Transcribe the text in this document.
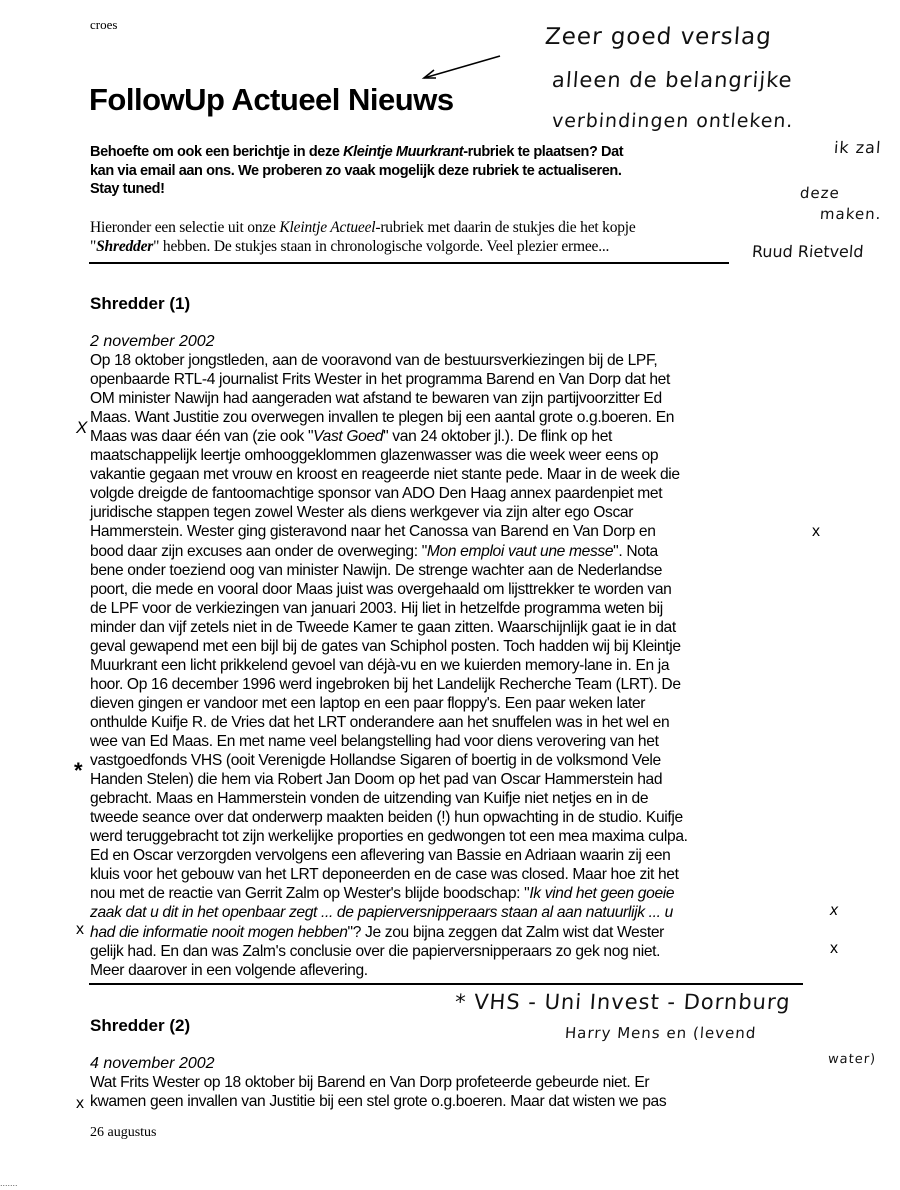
croes
FollowUp Actueel Nieuws
Zeer goed verslag
alleen de belangrijke
verbindingen ontleken.
ik zal
deze
maken.
Ruud Rietveld
Behoefte om ook een berichtje in deze Kleintje Muurkrant-rubriek te plaatsen? Dat
kan via email aan ons. We proberen zo vaak mogelijk deze rubriek te actualiseren.
Stay tuned!
Hieronder een selectie uit onze Kleintje Actueel-rubriek met daarin de stukjes die het kopje
"Shredder" hebben. De stukjes staan in chronologische volgorde. Veel plezier ermee...
Shredder (1)
2 november 2002
Op 18 oktober jongstleden, aan de vooravond van de bestuursverkiezingen bij de LPF,
openbaarde RTL-4 journalist Frits Wester in het programma Barend en Van Dorp dat het
OM minister Nawijn had aangeraden wat afstand te bewaren van zijn partijvoorzitter Ed
Maas. Want Justitie zou overwegen invallen te plegen bij een aantal grote o.g.boeren. En
Maas was daar één van (zie ook "Vast Goed" van 24 oktober jl.). De flink op het
maatschappelijk leertje omhooggeklommen glazenwasser was die week weer eens op
vakantie gegaan met vrouw en kroost en reageerde niet stante pede. Maar in de week die
volgde dreigde de fantoomachtige sponsor van ADO Den Haag annex paardenpiet met
juridische stappen tegen zowel Wester als diens werkgever via zijn alter ego Oscar
Hammerstein. Wester ging gisteravond naar het Canossa van Barend en Van Dorp en
bood daar zijn excuses aan onder de overweging: "Mon emploi vaut une messe". Nota
bene onder toeziend oog van minister Nawijn. De strenge wachter aan de Nederlandse
poort, die mede en vooral door Maas juist was overgehaald om lijsttrekker te worden van
de LPF voor de verkiezingen van januari 2003. Hij liet in hetzelfde programma weten bij
minder dan vijf zetels niet in de Tweede Kamer te gaan zitten. Waarschijnlijk gaat ie in dat
geval gewapend met een bijl bij de gates van Schiphol posten. Toch hadden wij bij Kleintje
Muurkrant een licht prikkelend gevoel van déjà-vu en we kuierden memory-lane in. En ja
hoor. Op 16 december 1996 werd ingebroken bij het Landelijk Recherche Team (LRT). De
dieven gingen er vandoor met een laptop en een paar floppy's. Een paar weken later
onthulde Kuifje R. de Vries dat het LRT onderandere aan het snuffelen was in het wel en
wee van Ed Maas. En met name veel belangstelling had voor diens verovering van het
vastgoedfonds VHS (ooit Verenigde Hollandse Sigaren of boertig in de volksmond Vele
Handen Stelen) die hem via Robert Jan Doom op het pad van Oscar Hammerstein had
gebracht. Maas en Hammerstein vonden de uitzending van Kuifje niet netjes en in de
tweede seance over dat onderwerp maakten beiden (!) hun opwachting in de studio. Kuifje
werd teruggebracht tot zijn werkelijke proporties en gedwongen tot een mea maxima culpa.
Ed en Oscar verzorgden vervolgens een aflevering van Bassie en Adriaan waarin zij een
kluis voor het gebouw van het LRT deponeerden en de case was closed. Maar hoe zit het
nou met de reactie van Gerrit Zalm op Wester's blijde boodschap: "Ik vind het geen goeie
zaak dat u dit in het openbaar zegt ... de papierversnipperaars staan al aan natuurlijk ... u
had die informatie nooit mogen hebben"? Je zou bijna zeggen dat Zalm wist dat Wester
gelijk had. En dan was Zalm's conclusie over die papierversnipperaars zo gek nog niet.
Meer daarover in een volgende aflevering.
X
x
*
x
x
x
* VHS - Uni Invest - Dornburg
Harry Mens en (levend
water)
Shredder (2)
4 november 2002
Wat Frits Wester op 18 oktober bij Barend en Van Dorp profeteerde gebeurde niet. Er
kwamen geen invallen van Justitie bij een stel grote o.g.boeren. Maar dat wisten we pas
x
26 augustus
.......
